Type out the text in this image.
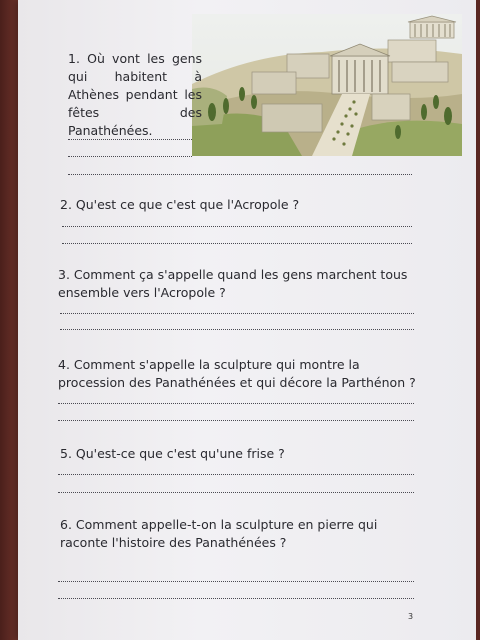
1. Où vont les gens qui habitent à Athènes pendant les fêtes des Panathénées.
2. Qu'est ce que c'est que l'Acropole ?
3. Comment ça s'appelle quand les gens marchent tous ensemble vers l'Acropole ?
4. Comment s'appelle la sculpture qui montre la procession des Panathénées et qui décore la Parthénon ?
5. Qu'est-ce que c'est qu'une frise ?
6. Comment appelle-t-on la sculpture en pierre qui raconte l'histoire des Panathénées ?
3
